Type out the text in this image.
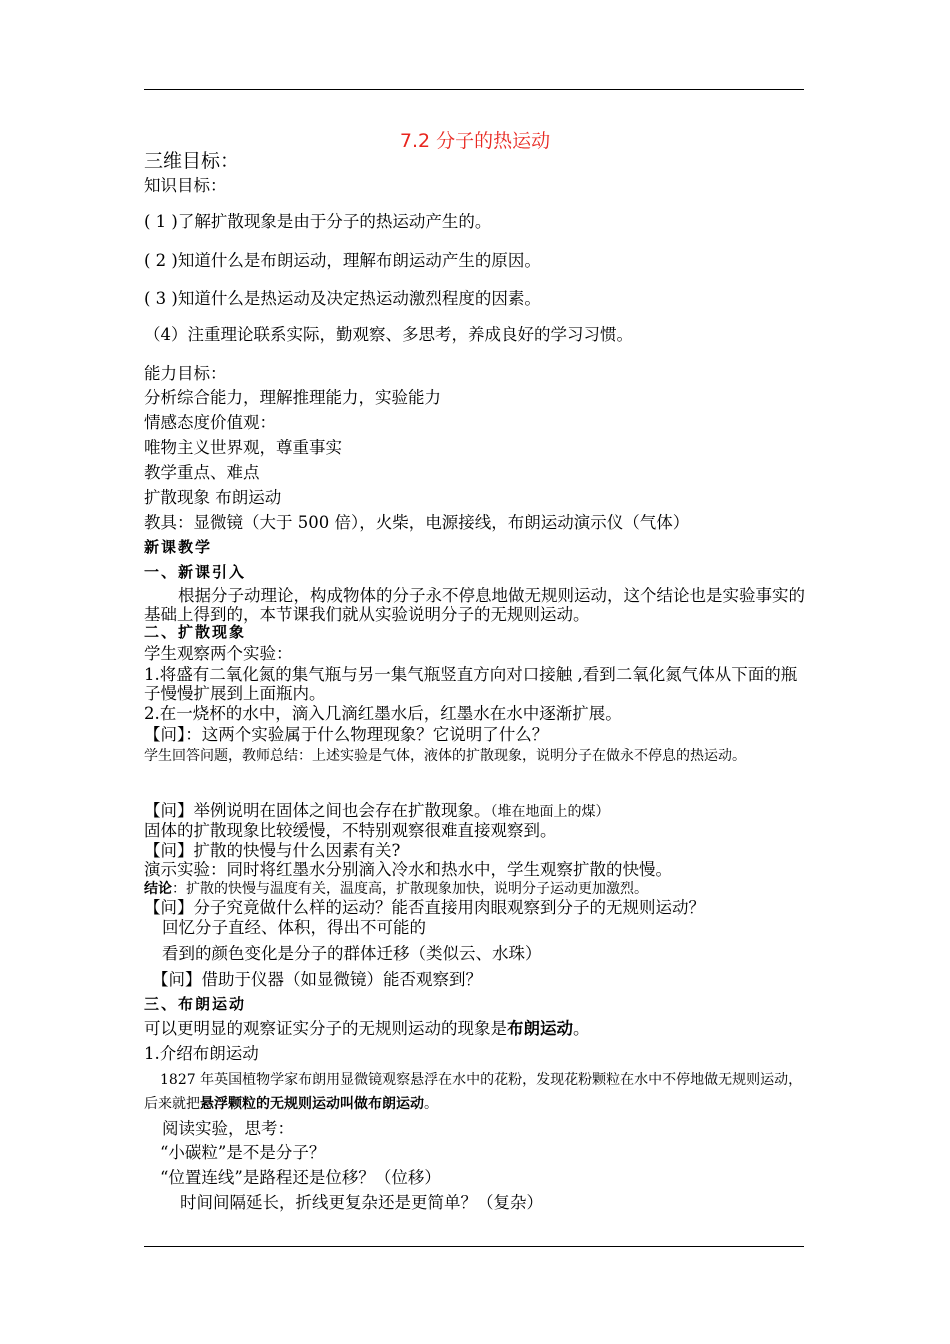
7.2 分子的热运动
三维目标：
知识目标：
( 1 )了解扩散现象是由于分子的热运动产生的。
( 2 )知道什么是布朗运动，理解布朗运动产生的原因。
( 3 )知道什么是热运动及决定热运动激烈程度的因素。
（4）注重理论联系实际，勤观察、多思考，养成良好的学习习惯。
能力目标：
分析综合能力，理解推理能力，实验能力
情感态度价值观：
唯物主义世界观，尊重事实
教学重点、难点
扩散现象 布朗运动
教具：显微镜（大于 500 倍），火柴，电源接线，布朗运动演示仪（气体）
新课教学
一、新课引入
根据分子动理论，构成物体的分子永不停息地做无规则运动，这个结论也是实验事实的基础上得到的，本节课我们就从实验说明分子的无规则运动。
二、扩散现象
学生观察两个实验：
1.将盛有二氧化氮的集气瓶与另一集气瓶竖直方向对口接触 ,看到二氧化氮气体从下面的瓶子慢慢扩展到上面瓶内。
2.在一烧杯的水中，滴入几滴红墨水后，红墨水在水中逐渐扩展。
【问】：这两个实验属于什么物理现象？它说明了什么？
学生回答问题，教师总结：上述实验是气体，液体的扩散现象，说明分子在做永不停息的热运动。
【问】举例说明在固体之间也会存在扩散现象。（堆在地面上的煤）
固体的扩散现象比较缓慢，不特别观察很难直接观察到。
【问】扩散的快慢与什么因素有关?
演示实验：同时将红墨水分别滴入冷水和热水中，学生观察扩散的快慢。
结论：扩散的快慢与温度有关，温度高，扩散现象加快，说明分子运动更加激烈。
【问】分子究竟做什么样的运动？能否直接用肉眼观察到分子的无规则运动？
回忆分子直经、体积，得出不可能的
看到的颜色变化是分子的群体迁移（类似云、水珠）
【问】借助于仪器（如显微镜）能否观察到？
三、布朗运动
可以更明显的观察证实分子的无规则运动的现象是布朗运动。
1.介绍布朗运动
1827 年英国植物学家布朗用显微镜观察悬浮在水中的花粉，发现花粉颗粒在水中不停地做无规则运动，后来就把悬浮颗粒的无规则运动叫做布朗运动。
阅读实验，思考：
“小碳粒”是不是分子？
“位置连线”是路程还是位移？（位移）
时间间隔延长，折线更复杂还是更简单？（复杂）
